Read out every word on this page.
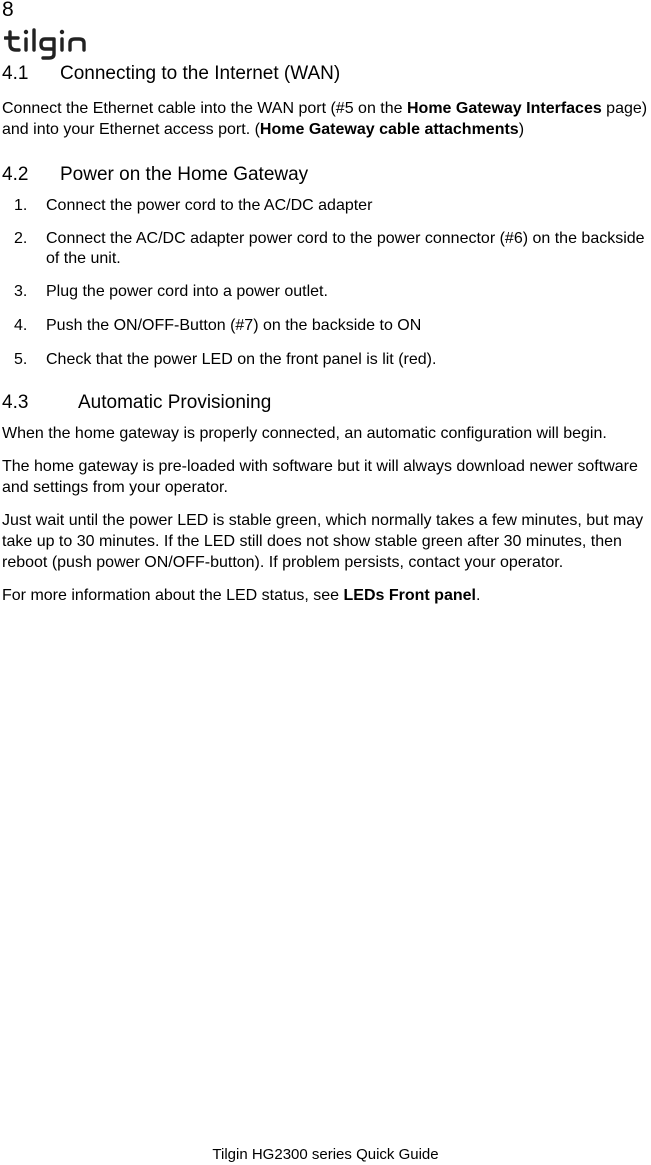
8
4.1	Connecting to the Internet (WAN)

Connect the Ethernet cable into the WAN port (#5 on the Home Gateway Interfaces page) and into your Ethernet access port. (Home Gateway cable attachments)

4.2	Power on the Home Gateway
1.	Connect the power cord to the AC/DC adapter
2.	Connect the AC/DC adapter power cord to the power connector (#6) on the backside of the unit.
3.	Plug the power cord into a power outlet.
4.	Push the ON/OFF-Button (#7) on the backside to ON
5.	Check that the power LED on the front panel is lit (red).
4.3	Automatic Provisioning

When the home gateway is properly connected, an automatic configuration will begin.

The home gateway is pre-loaded with software but it will always download newer software and settings from your operator.

Just wait until the power LED is stable green, which normally takes a few minutes, but may take up to 30 minutes. If the LED still does not show stable green after 30 minutes, then reboot (push power ON/OFF-button). If problem persists, contact your operator.

For more information about the LED status, see LEDs Front panel.

Tilgin HG2300 series Quick Guide
